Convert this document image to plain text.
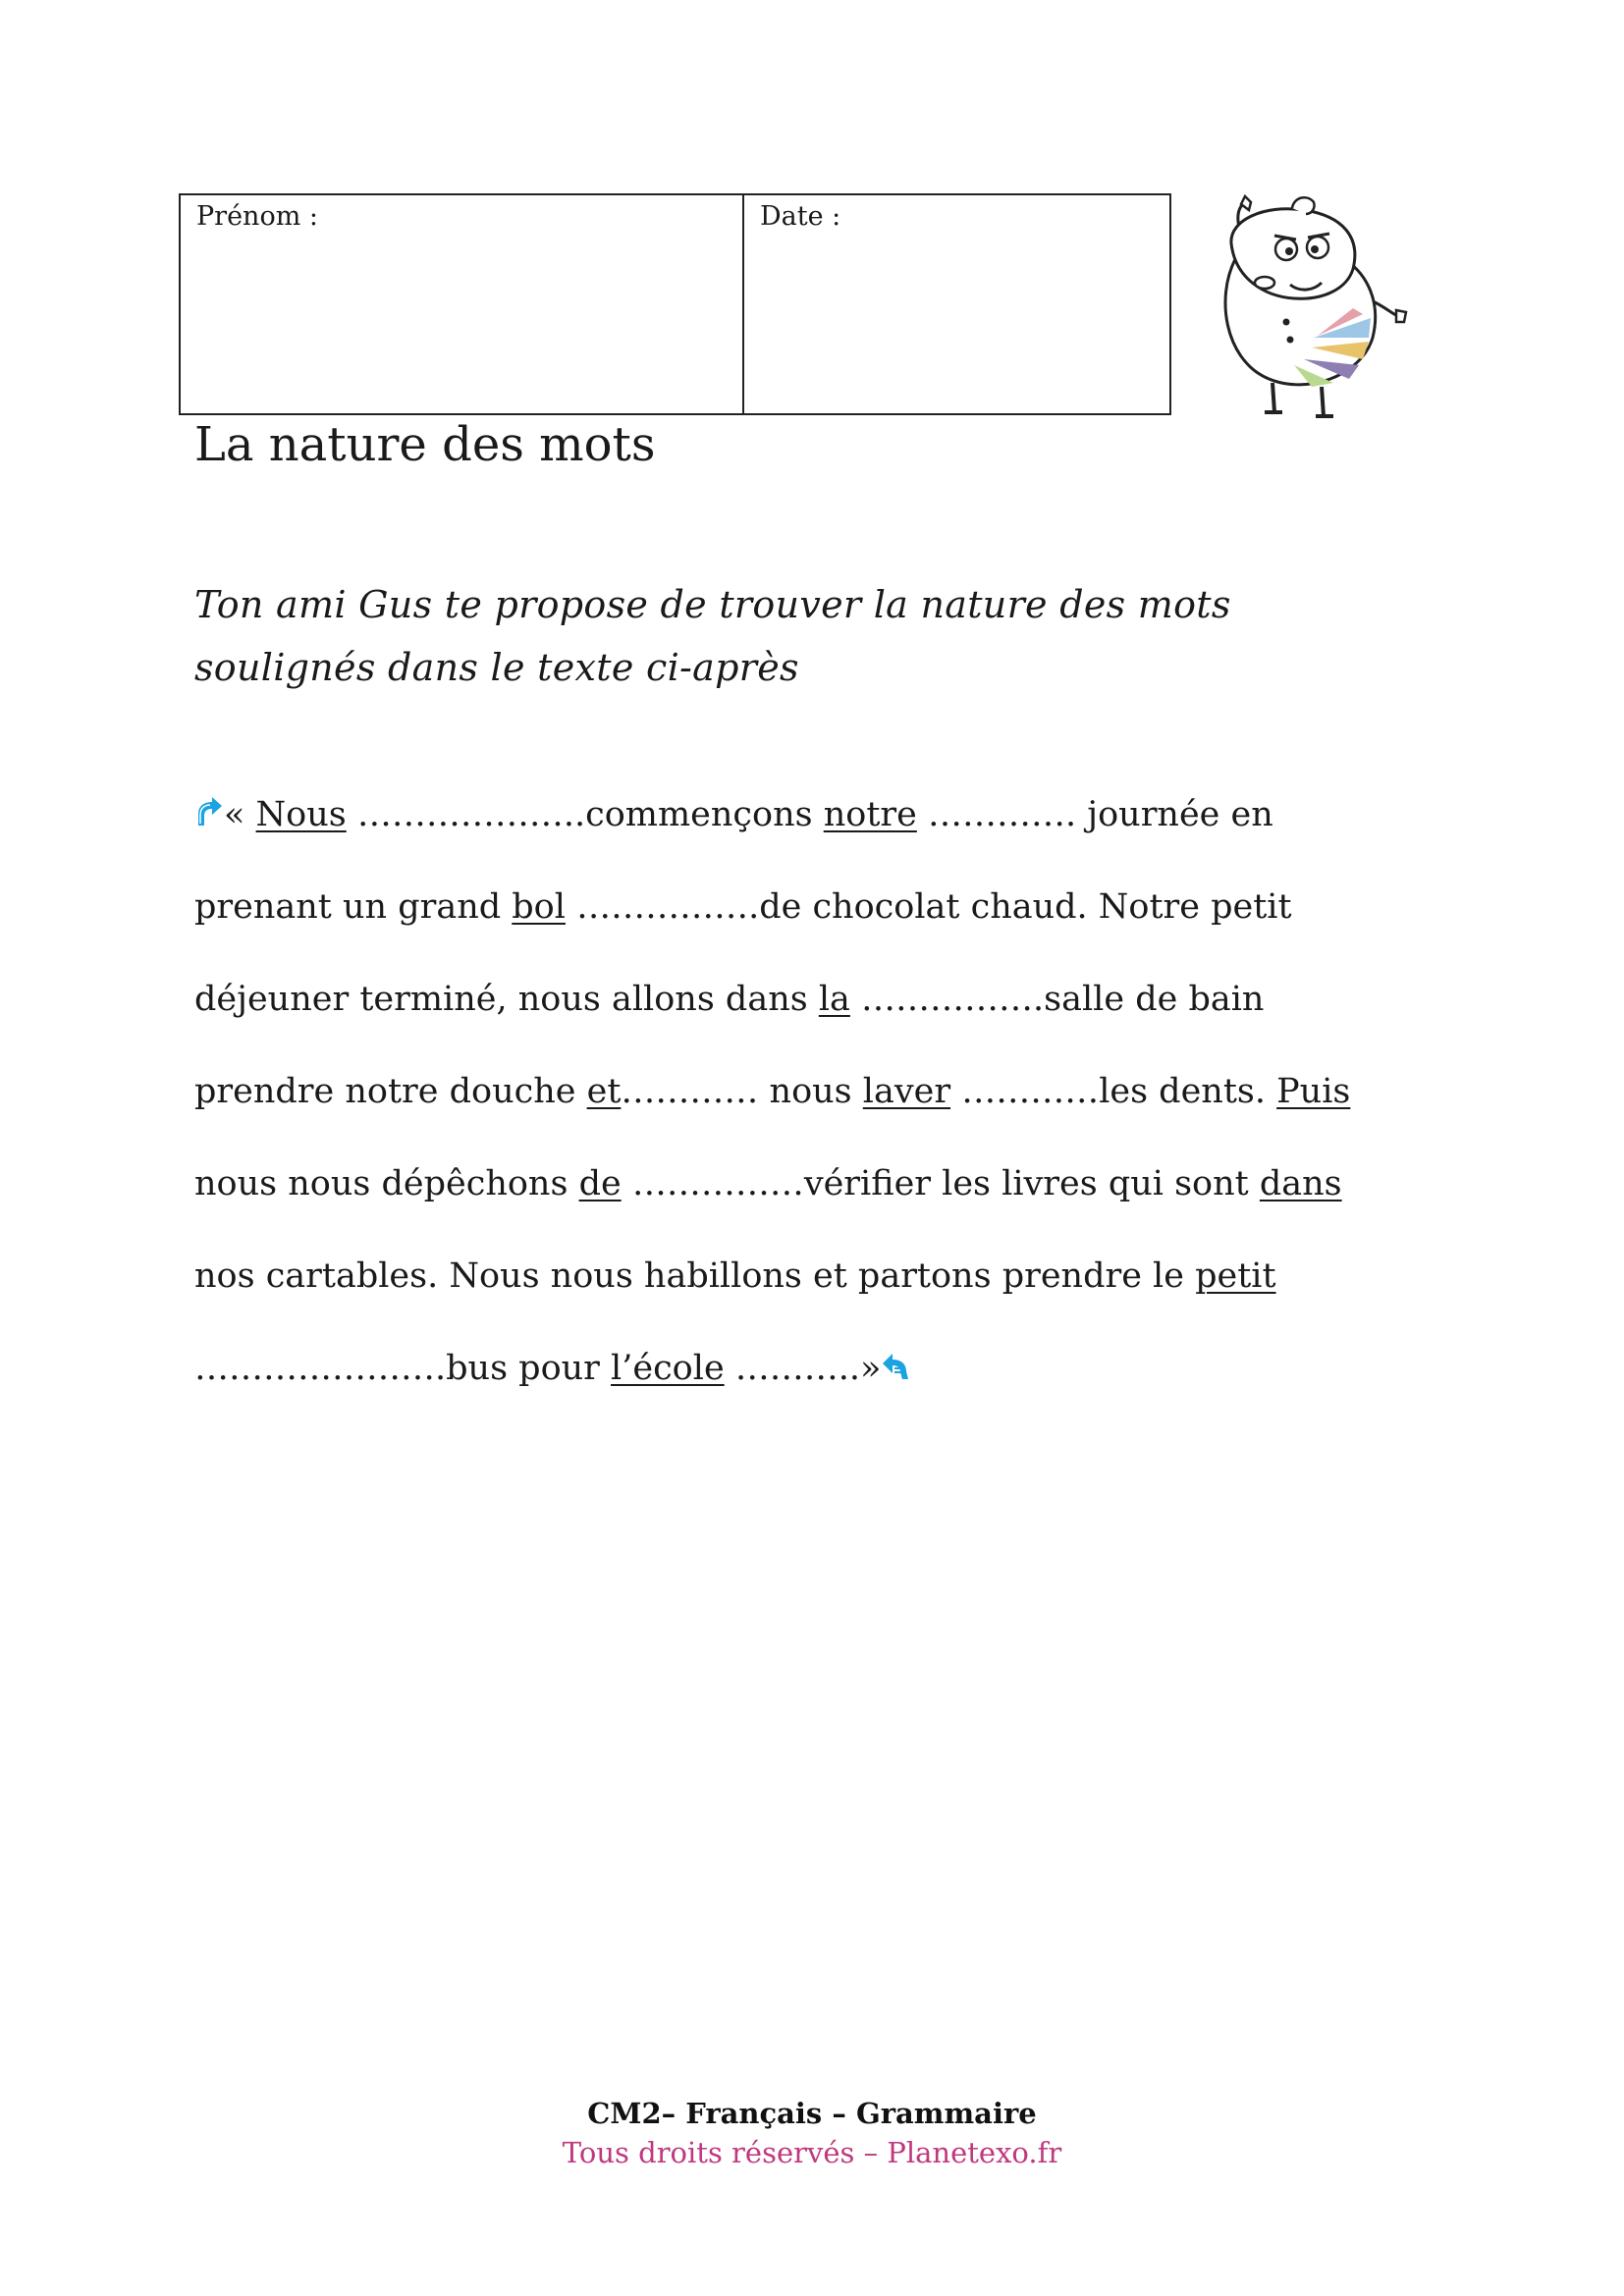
Prénom :	Date :
La nature des mots
Ton ami Gus te propose de trouver la nature des mots
soulignés dans le texte ci-après
« Nous ………………..commençons notre …………. journée en
prenant un grand bol …………….de chocolat chaud. Notre petit
déjeuner terminé, nous allons dans la …………….salle de bain
prendre notre douche et………… nous laver …………les dents. Puis
nous nous dépêchons de ……………vérifier les livres qui sont dans
nos cartables. Nous nous habillons et partons prendre le petit
………………….bus pour l’école ………..»
CM2– Français – Grammaire
Tous droits réservés – Planetexo.fr
